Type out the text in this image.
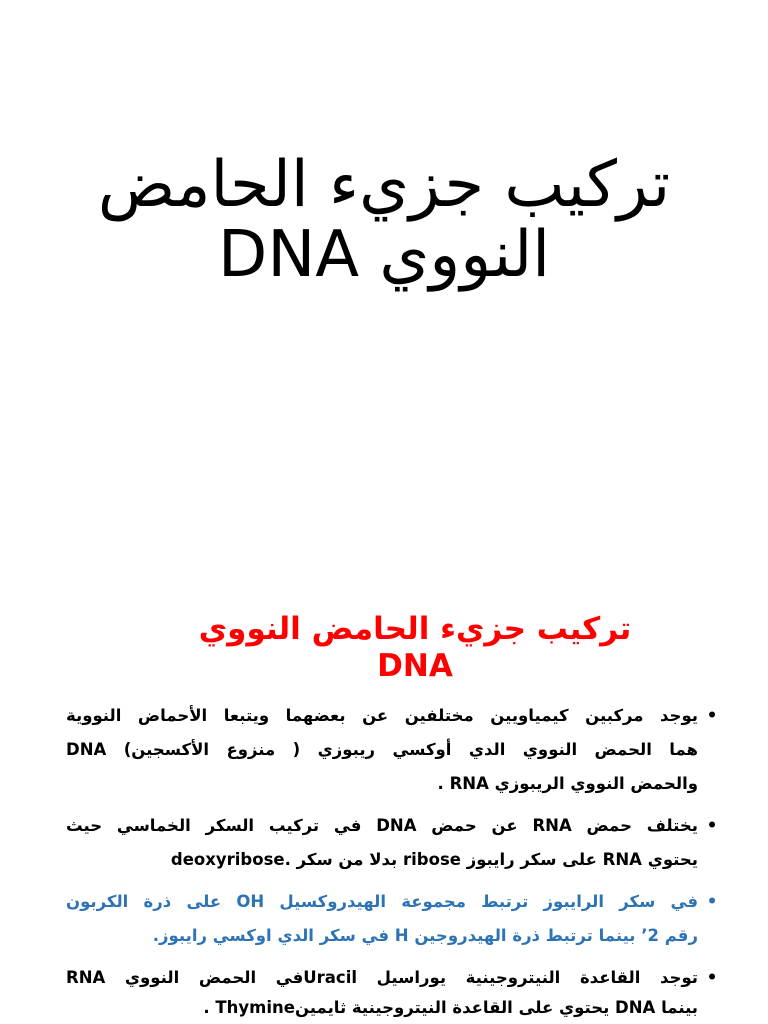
تركيب جزيء الحامض
النووي DNA
تركيب جزيء الحامض النووي
DNA
•
يوجد مركبين كيمياويين مختلفين عن بعضهما ويتبعا الأحماض النووية
هما الحمض النووي الدي أوكسي ريبوزي ( منزوع الأكسجين) DNA
والحمض النووي الريبوزي RNA .
•
يختلف حمض RNA عن حمض DNA في تركيب السكر الخماسي حيث
يحتوي RNA على سكر رايبوز ribose بدلا من سكر .deoxyribose
•
في سكر الرايبوز ترتبط مجموعة الهيدروكسيل OH على ذرة الكربون
رقم 2’ بينما ترتبط ذرة الهيدروجين H في سكر الدي اوكسي رايبوز.
•
توجد القاعدة النيتروجينية يوراسيل Uracilفي الحمض النووي RNA
بينما DNA يحتوي على القاعدة النيتروجينية ثايمينThymine .
